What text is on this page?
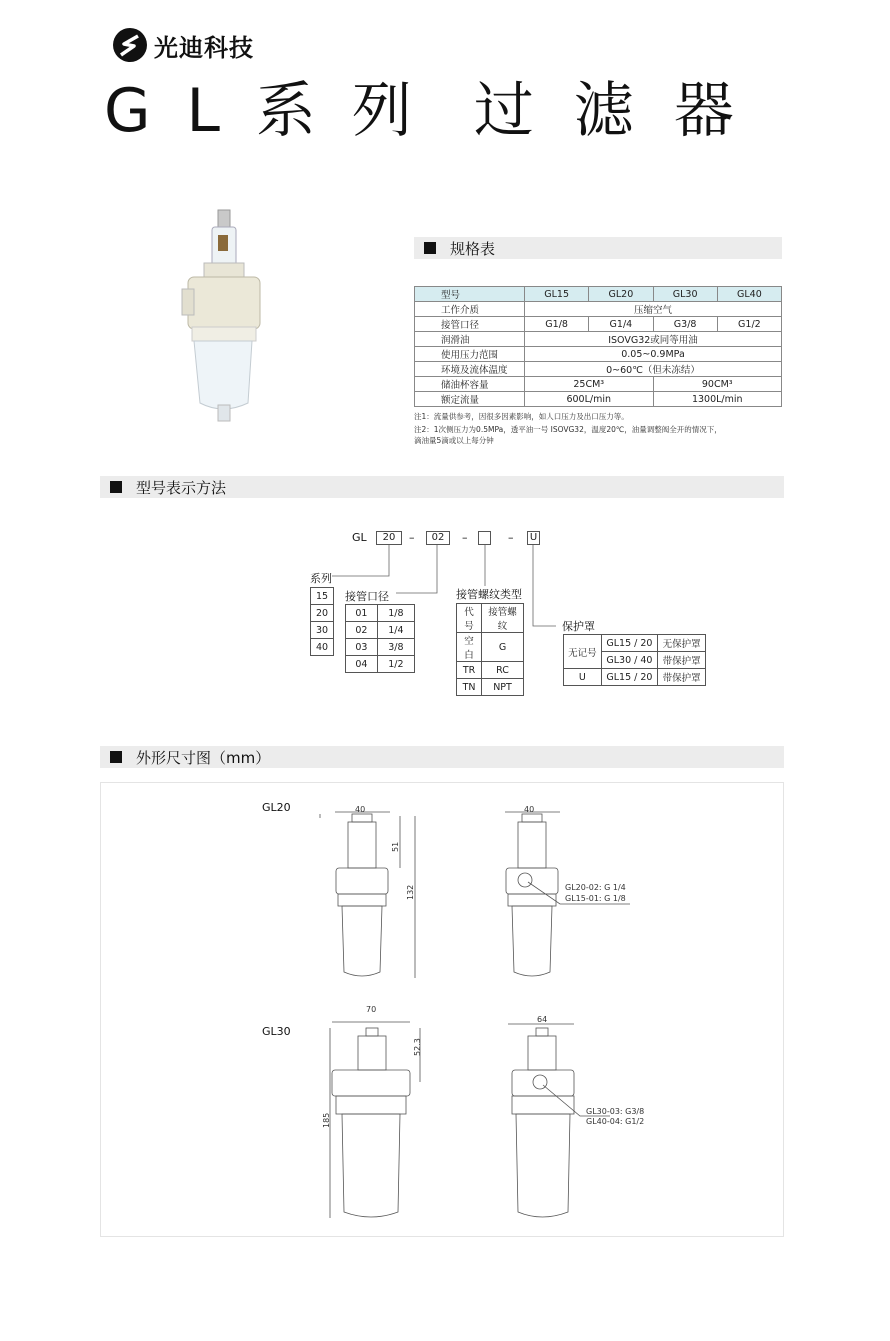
光迪科技
GL系列 过滤器
规格表
型号	GL15	GL20	GL30	GL40
工作介质	压缩空气			
接管口径	G1/8	G1/4	G3/8	G1/2
润滑油	ISOVG32或同等用油			
使用压力范围	0.05~0.9MPa			
环境及流体温度	0~60℃（但未冻结）			
储油杯容量	25CM³		90CM³	
额定流量	600L/min		1300L/min	
注1：流量供参考，因很多因素影响，如人口压力及出口压力等。
注2：1次侧压力为0.5MPa，透平油一号 ISOVG32，温度20℃，油量调整阀全开的情况下，
滴油量5滴或以上每分钟
型号表示方法
GL	20	–	02	–	– U
系列
15
20
30
40
接管口径
01	1/8
02	1/4
03	3/8
04	1/2
接管螺纹类型
代号	接管螺纹
空白	G
TR	RC
TN	NPT
保护罩
无记号	GL15 / 20	无保护罩
	GL30 / 40	带保护罩
U	GL15 / 20	带保护罩
外形尺寸图（mm）
GL20
GL30
40
51
132
40
GL20-02: G 1/4
GL15-01: G 1/8
70
52.3
185
64
GL30-03: G3/8
GL40-04: G1/2
